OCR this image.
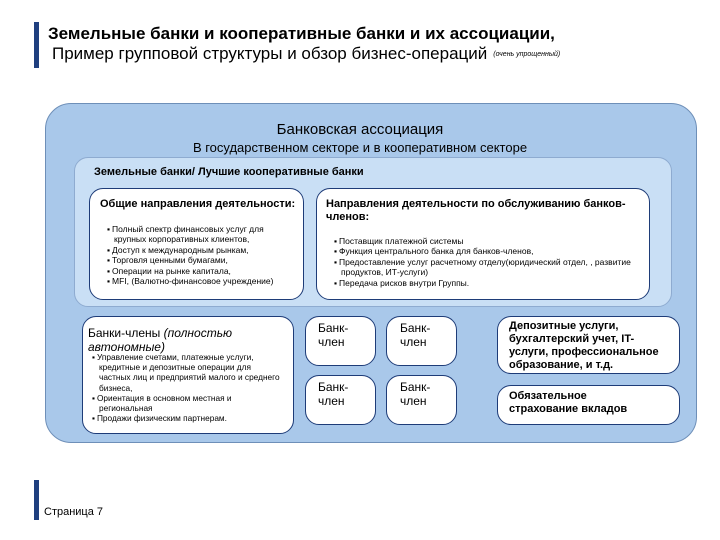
Земельные банки и кооперативные банки и их ассоциации,
Пример групповой структуры и обзор бизнес-операций (очень упрощенный)
Банковская ассоциация
В государственном секторе и в кооперативном секторе
Земельные банки/ Лучшие кооперативные банки
Общие направления деятельности:
▪ Полный спектр финансовых услуг для крупных корпоративных клиентов,
▪ Доступ к международным рынкам,
▪ Торговля ценными бумагами,
▪ Операции на рынке капитала,
▪ MFI, (Валютно-финансовое учреждение)
Направления деятельности по обслуживанию банков-членов:
▪ Поставщик платежной системы
▪ Функция центрального банка для банков-членов,
▪ Предоставление услуг расчетному отделу(юридический отдел, , развитие продуктов, ИТ-услуги)
▪ Передача рисков внутри Группы.
Банки-члены (полностью автономные)
▪ Управление счетами, платежные услуги, кредитные и депозитные операции для частных лиц и предприятий малого и среднего бизнеса,
▪ Ориентация в основном местная и региональная
▪ Продажи физическим партнерам.
Банк-
член
Банк-
член
Банк-
член
Банк-
член
Депозитные услуги,
бухгалтерский учет, IT-
услуги, профессиональное
образование, и т.д.
Обязательное
страхование вкладов
Страница 7
